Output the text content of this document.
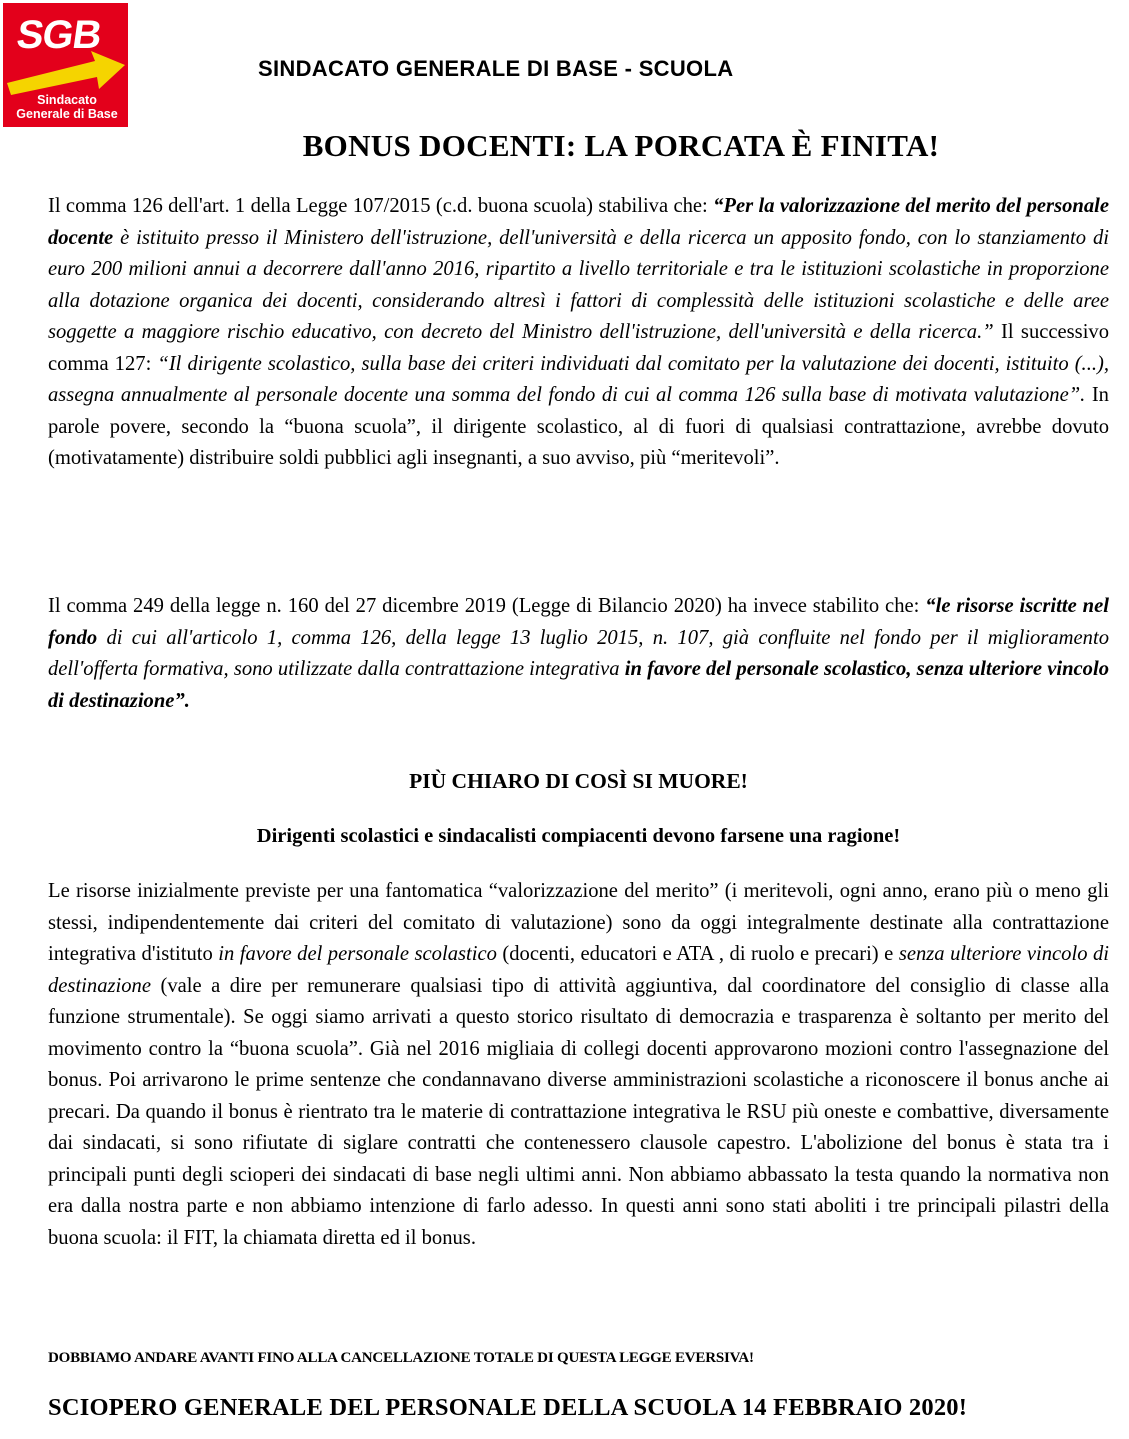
SGB
Sindacato
Generale di Base
SINDACATO GENERALE DI BASE - SCUOLA
BONUS DOCENTI: LA PORCATA È FINITA!
Il comma 126 dell'art. 1 della Legge 107/2015 (c.d. buona scuola) stabiliva che: “Per la valorizzazione del merito del personale docente è istituito presso il Ministero dell'istruzione, dell'università e della ricerca un apposito fondo, con lo stanziamento di euro 200 milioni annui a decorrere dall'anno 2016, ripartito a livello territoriale e tra le istituzioni scolastiche in proporzione alla dotazione organica dei docenti, considerando altresì i fattori di complessità delle istituzioni scolastiche e delle aree soggette a maggiore rischio educativo, con decreto del Ministro dell'istruzione, dell'università e della ricerca.” Il successivo comma 127: “Il dirigente scolastico, sulla base dei criteri individuati dal comitato per la valutazione dei docenti, istituito (...), assegna annualmente al personale docente una somma del fondo di cui al comma 126 sulla base di motivata valutazione”. In parole povere, secondo la “buona scuola”, il dirigente scolastico, al di fuori di qualsiasi contrattazione, avrebbe dovuto (motivatamente) distribuire soldi pubblici agli insegnanti, a suo avviso, più “meritevoli”.
Il comma 249 della legge n. 160 del 27 dicembre 2019 (Legge di Bilancio 2020) ha invece stabilito che: “le risorse iscritte nel fondo di cui all'articolo 1, comma 126, della legge 13 luglio 2015, n. 107, già confluite nel fondo per il miglioramento dell'offerta formativa, sono utilizzate dalla contrattazione integrativa in favore del personale scolastico, senza ulteriore vincolo di destinazione”.
PIÙ CHIARO DI COSÌ SI MUORE!
Dirigenti scolastici e sindacalisti compiacenti devono farsene una ragione!
Le risorse inizialmente previste per una fantomatica “valorizzazione del merito” (i meritevoli, ogni anno, erano più o meno gli stessi, indipendentemente dai criteri del comitato di valutazione) sono da oggi integralmente destinate alla contrattazione integrativa d'istituto in favore del personale scolastico (docenti, educatori e ATA , di ruolo e precari) e senza ulteriore vincolo di destinazione (vale a dire per remunerare qualsiasi tipo di attività aggiuntiva, dal coordinatore del consiglio di classe alla funzione strumentale). Se oggi siamo arrivati a questo storico risultato di democrazia e trasparenza è soltanto per merito del movimento contro la “buona scuola”. Già nel 2016 migliaia di collegi docenti approvarono mozioni contro l'assegnazione del bonus. Poi arrivarono le prime sentenze che condannavano diverse amministrazioni scolastiche a riconoscere il bonus anche ai precari. Da quando il bonus è rientrato tra le materie di contrattazione integrativa le RSU più oneste e combattive, diversamente dai sindacati, si sono rifiutate di siglare contratti che contenessero clausole capestro. L'abolizione del bonus è stata tra i principali punti degli scioperi dei sindacati di base negli ultimi anni. Non abbiamo abbassato la testa quando la normativa non era dalla nostra parte e non abbiamo intenzione di farlo adesso. In questi anni sono stati aboliti i tre principali pilastri della buona scuola: il FIT, la chiamata diretta ed il bonus.
DOBBIAMO ANDARE AVANTI FINO ALLA CANCELLAZIONE TOTALE DI QUESTA LEGGE EVERSIVA!
SCIOPERO GENERALE DEL PERSONALE DELLA SCUOLA 14 FEBBRAIO 2020!
